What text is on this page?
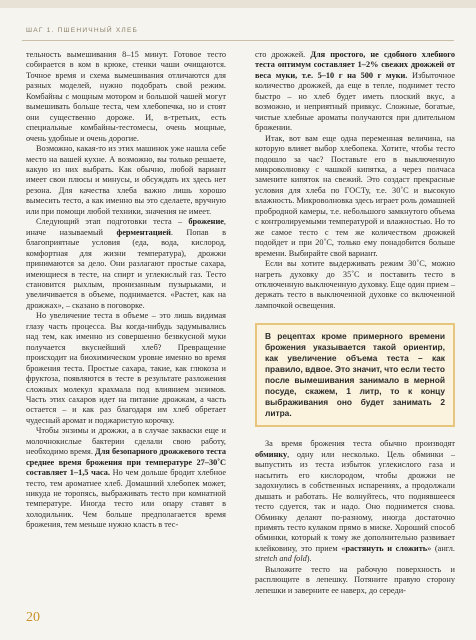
ШАГ 1. ПШЕНИЧНЫЙ ХЛЕБ

тельность вымешивания 8–15 минут. Готовое тесто собирается в ком в крюке, стенки чаши очищаются. Точное время и схема вымешивания отличаются для разных моделей, нужно подобрать свой режим. Комбайны с мощным мотором и большой чашей могут вымешивать больше теста, чем хлебопечка, но и стоят они существенно дороже. И, в-третьих, есть специальные комбайны-тестомесы, очень мощные, очень удобные и очень дорогие.

Возможно, какая-то из этих машинок уже нашла себе место на вашей кухне. А возможно, вы только решаете, какую из них выбрать. Как обычно, любой вариант имеет свои плюсы и минусы, и обсуждать их здесь нет резона. Для качества хлеба важно лишь хорошо вымесить тесто, а как именно вы это сделаете, вручную или при помощи любой техники, значения не имеет.

Следующий этап подготовки теста – брожение, иначе называемый ферментацией. Попав в благоприятные условия (еда, вода, кислород, комфортная для жизни температура), дрожжи принимаются за дело. Они разлагают простые сахара, имеющиеся в тесте, на спирт и углекислый газ. Тесто становится рыхлым, пронизанным пузырьками, и увеличивается в объеме, поднимается. «Растет, как на дрожжах», – сказано в поговорке.

Но увеличение теста в объеме – это лишь видимая глазу часть процесса. Вы когда-нибудь задумывались над тем, как именно из совершенно безвкусной муки получается вкуснейший хлеб? Превращение происходит на биохимическом уровне именно во время брожения теста. Простые сахара, такие, как глюкоза и фруктоза, появляются в тесте в результате разложения сложных молекул крахмала под влиянием энзимов. Часть этих сахаров идет на питание дрожжам, а часть остается – и как раз благодаря им хлеб обретает чудесный аромат и поджаристую корочку.

Чтобы энзимы и дрожжи, а в случае закваски еще и молочнокислые бактерии сделали свою работу, необходимо время. Для безопарного дрожжевого теста среднее время брожения при температуре 27–30˚С составляет 1–1,5 часа. Но чем дольше бродит хлебное тесто, тем ароматнее хлеб. Домашний хлебопек может, никуда не торопясь, выбраживать тесто при комнатной температуре. Иногда тесто или опару ставят в холодильник. Чем больше предполагается время брожения, тем меньше нужно класть в тес-

сто дрожжей. Для простого, не сдобного хлебного теста оптимум составляет 1–2% свежих дрожжей от веса муки, т.е. 5–10 г на 500 г муки. Избыточное количество дрожжей, да еще в тепле, поднимет тесто быстро – но хлеб будет иметь плоский вкус, а возможно, и неприятный привкус. Сложные, богатые, чистые хлебные ароматы получаются при длительном брожении.

Итак, вот вам еще одна переменная величина, на которую влияет выбор хлебопека. Хотите, чтобы тесто подошло за час? Поставьте его в выключенную микроволновку с чашкой кипятка, а через полчаса замените кипяток на свежий. Это создаст прекрасные условия для хлеба по ГОСТу, т.е. 30˚С и высокую влажность. Микроволновка здесь играет роль домашней пробродной камеры, т.е. небольшого замкнутого объема с контролируемыми температурой и влажностью. Но то же самое тесто с тем же количеством дрожжей подойдет и при 20˚С, только ему понадобится больше времени. Выбирайте свой вариант.

Если вы хотите выдерживать режим 30˚С, можно нагреть духовку до 35˚С и поставить тесто в отключенную выключенную духовку. Еще один прием – держать тесто в выключенной духовке со включенной лампочкой освещения.

В рецептах кроме примерного времени брожения указывается такой ориентир, как увеличение объема теста – как правило, вдвое. Это значит, что если тесто после вымешивания занимало в мерной посуде, скажем, 1 литр, то к концу выбраживания оно будет занимать 2 литра.

За время брожения теста обычно производят обминку, одну или несколько. Цель обминки – выпустить из теста избыток углекислого газа и насытить его кислородом, чтобы дрожжи не задохнулись в собственных испарениях, а продолжали дышать и работать. Не волнуйтесь, что поднявшееся тесто сдуется, так и надо. Оно поднимется снова. Обминку делают по-разному, иногда достаточно примять тесто кулаком прямо в миске. Хороший способ обминки, который к тому же дополнительно развивает клейковину, это прием «растянуть и сложить» (англ. stretch and fold).

Выложите тесто на рабочую поверхность и расплющите в лепешку. Потяните правую сторону лепешки и заверните ее наверх, до середи-

20
